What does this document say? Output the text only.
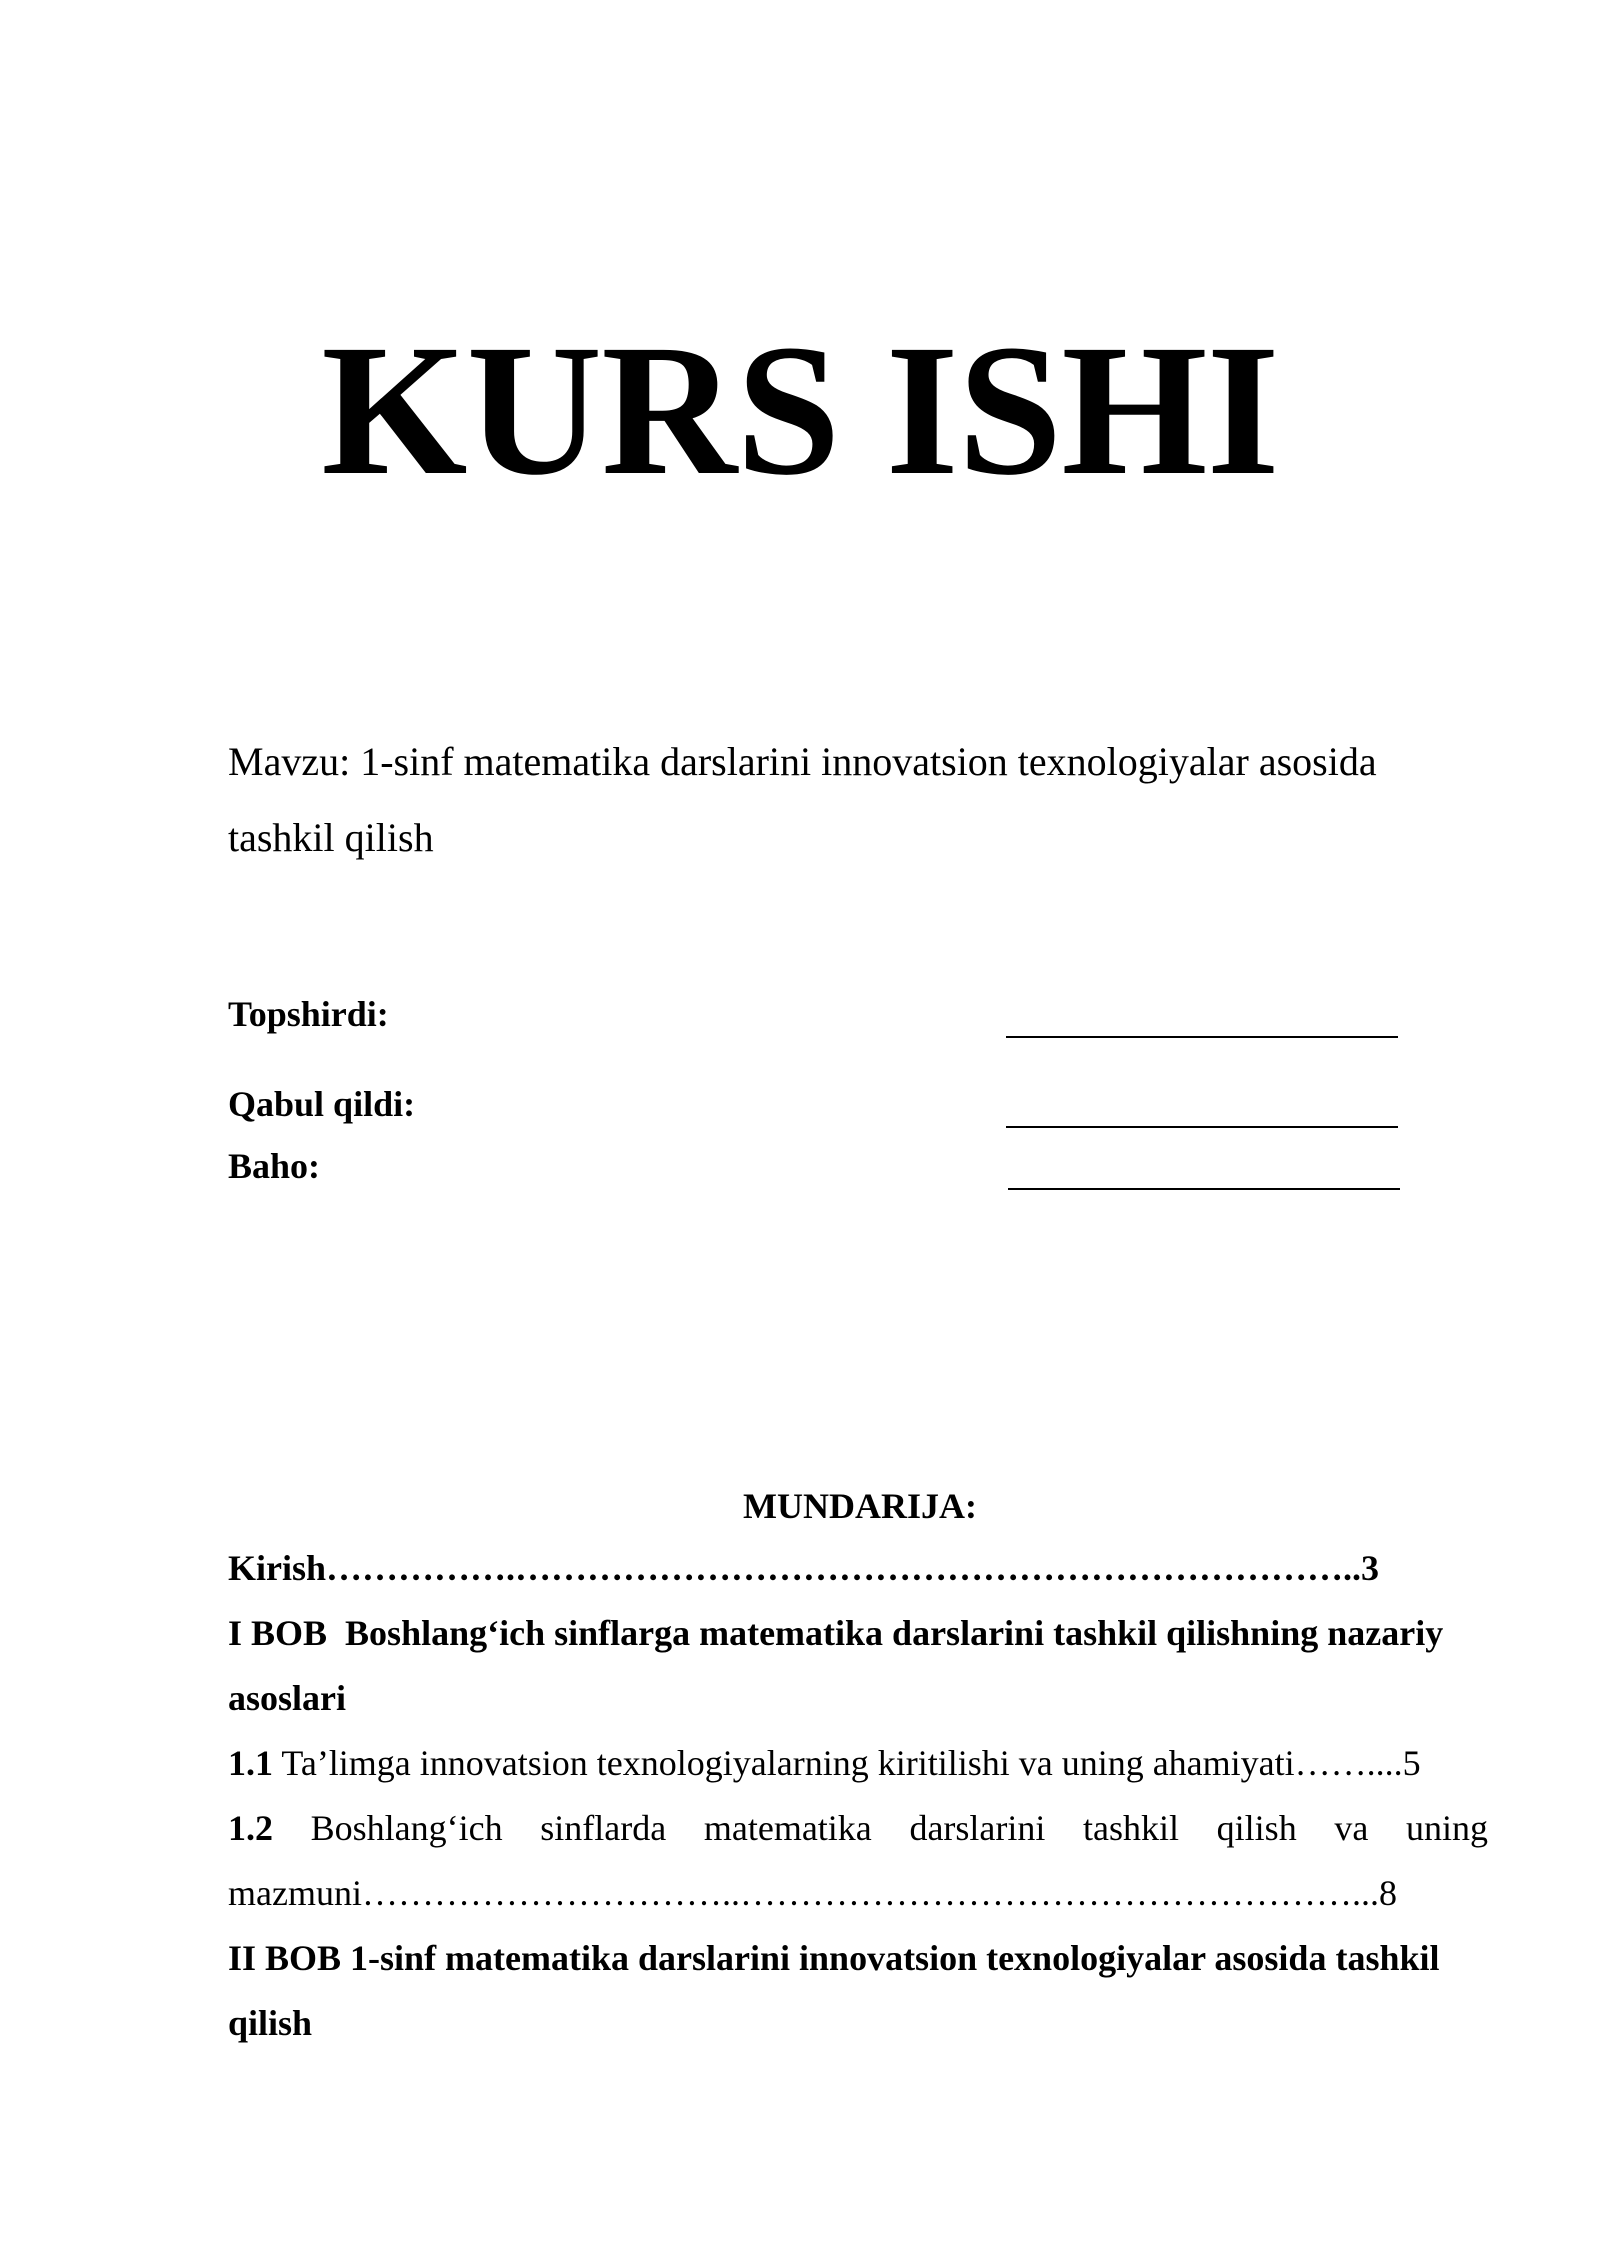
KURS ISHI

Mavzu: 1-sinf matematika darslarini innovatsion texnologiyalar asosida
tashkil qilish

Topshirdi:
Qabul qildi:
Baho:
MUNDARIJA:
Kirish…………….……………………………………………………………..3
I BOB Boshlang‘ich sinflarga matematika darslarini tashkil qilishning nazariy
asoslari
1.1 Ta’limga innovatsion texnologiyalarning kiritilishi va uning ahamiyati……....5
1.2 Boshlang‘ich sinflarda matematika darslarini tashkil qilish va uning
mazmuni…………………………..……………………………………………...8
II BOB 1-sinf matematika darslarini innovatsion texnologiyalar asosida tashkil
qilish
